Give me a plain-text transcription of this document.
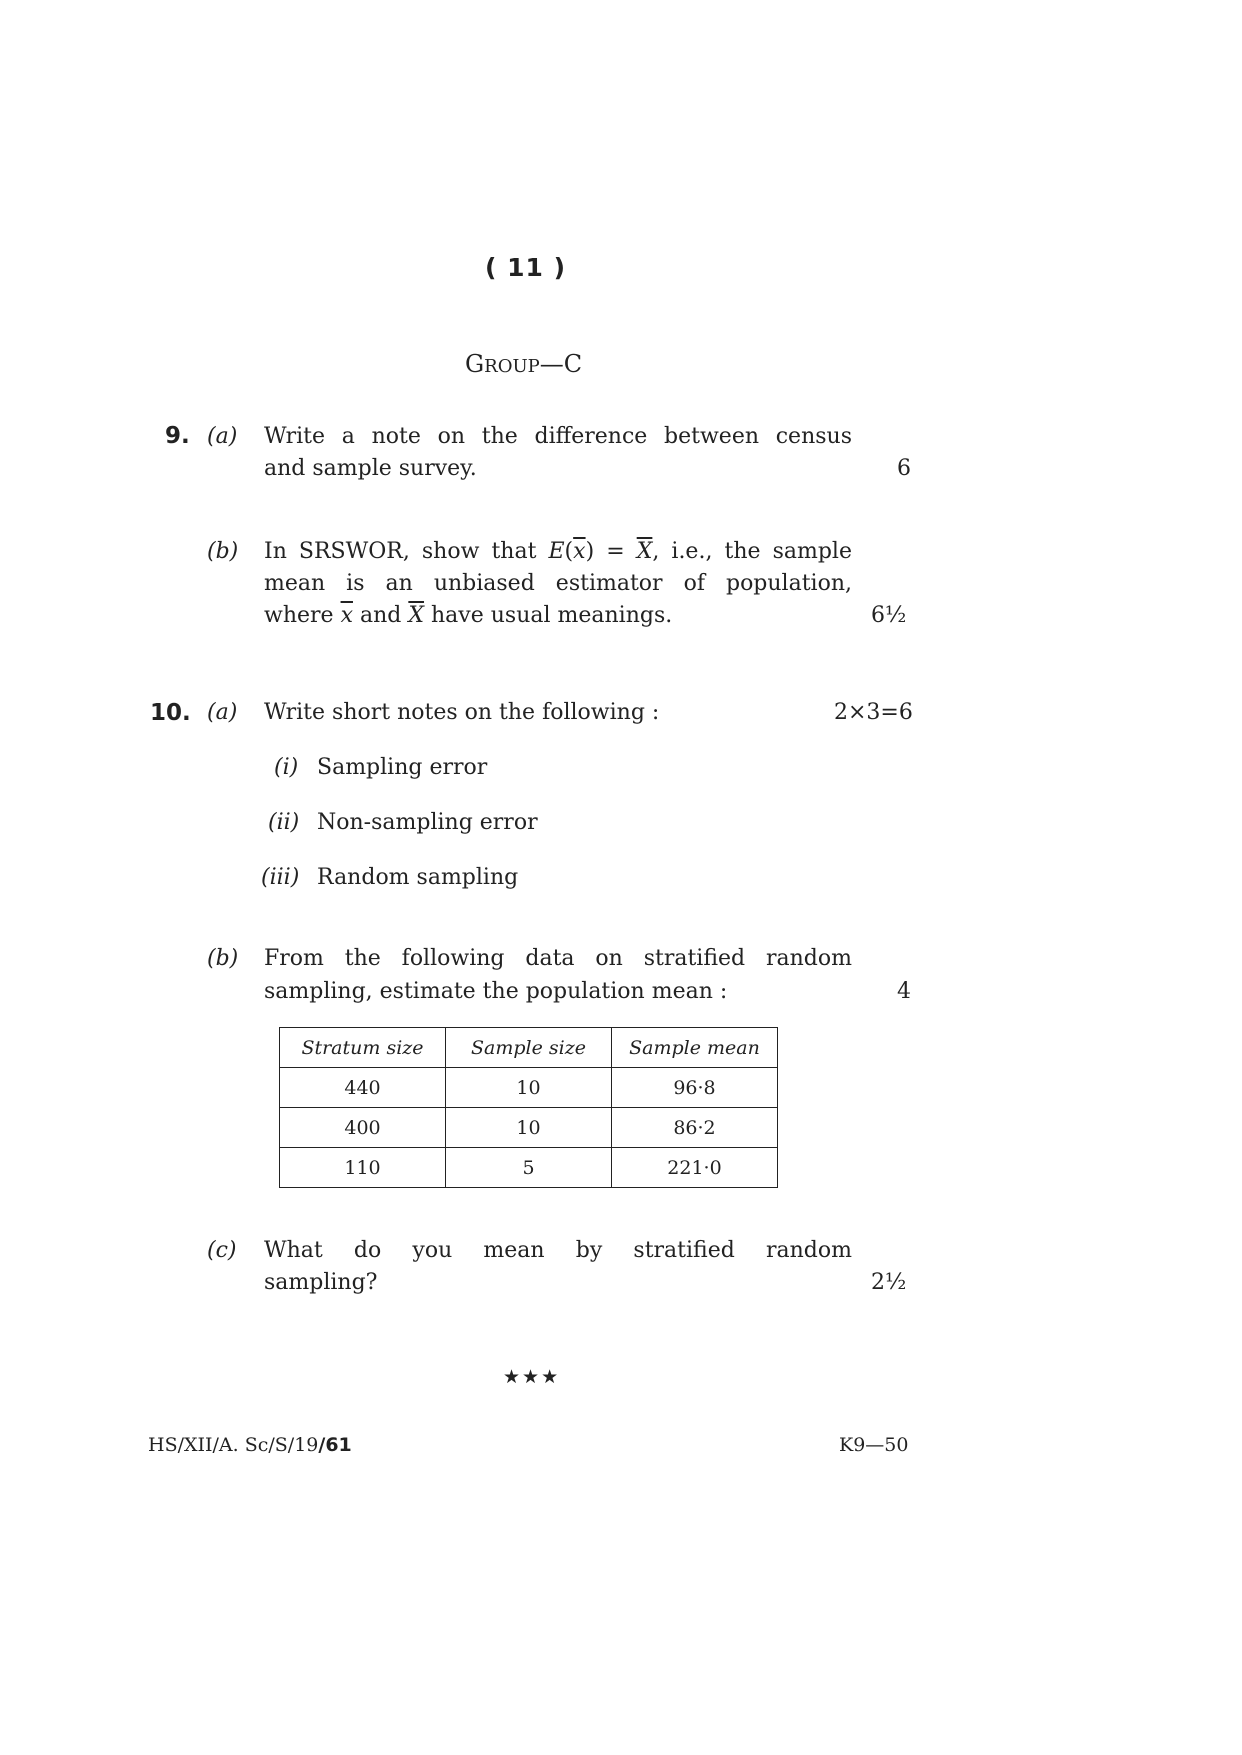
( 11 )
GROUP—C
9. (a) Write a note on the difference between census
and sample survey.	6
(b) In SRSWOR, show that $E(\overline{x}) = \overline{X}$, i.e., the sample
mean is an unbiased estimator of population,
where $\overline{x}$ and $\overline{X}$ have usual meanings.	6½
10. (a) Write short notes on the following :	2×3=6
(i) Sampling error
(ii) Non-sampling error
(iii) Random sampling
(b) From the following data on stratified random
sampling, estimate the population mean :	4
Stratum size	Sample size	Sample mean
440	10	96·8
400	10	86·2
110	5	221·0
(c) What do you mean by stratified random
sampling?	2½
★★★
HS/XII/A. Sc/S/19/61	K9—50
